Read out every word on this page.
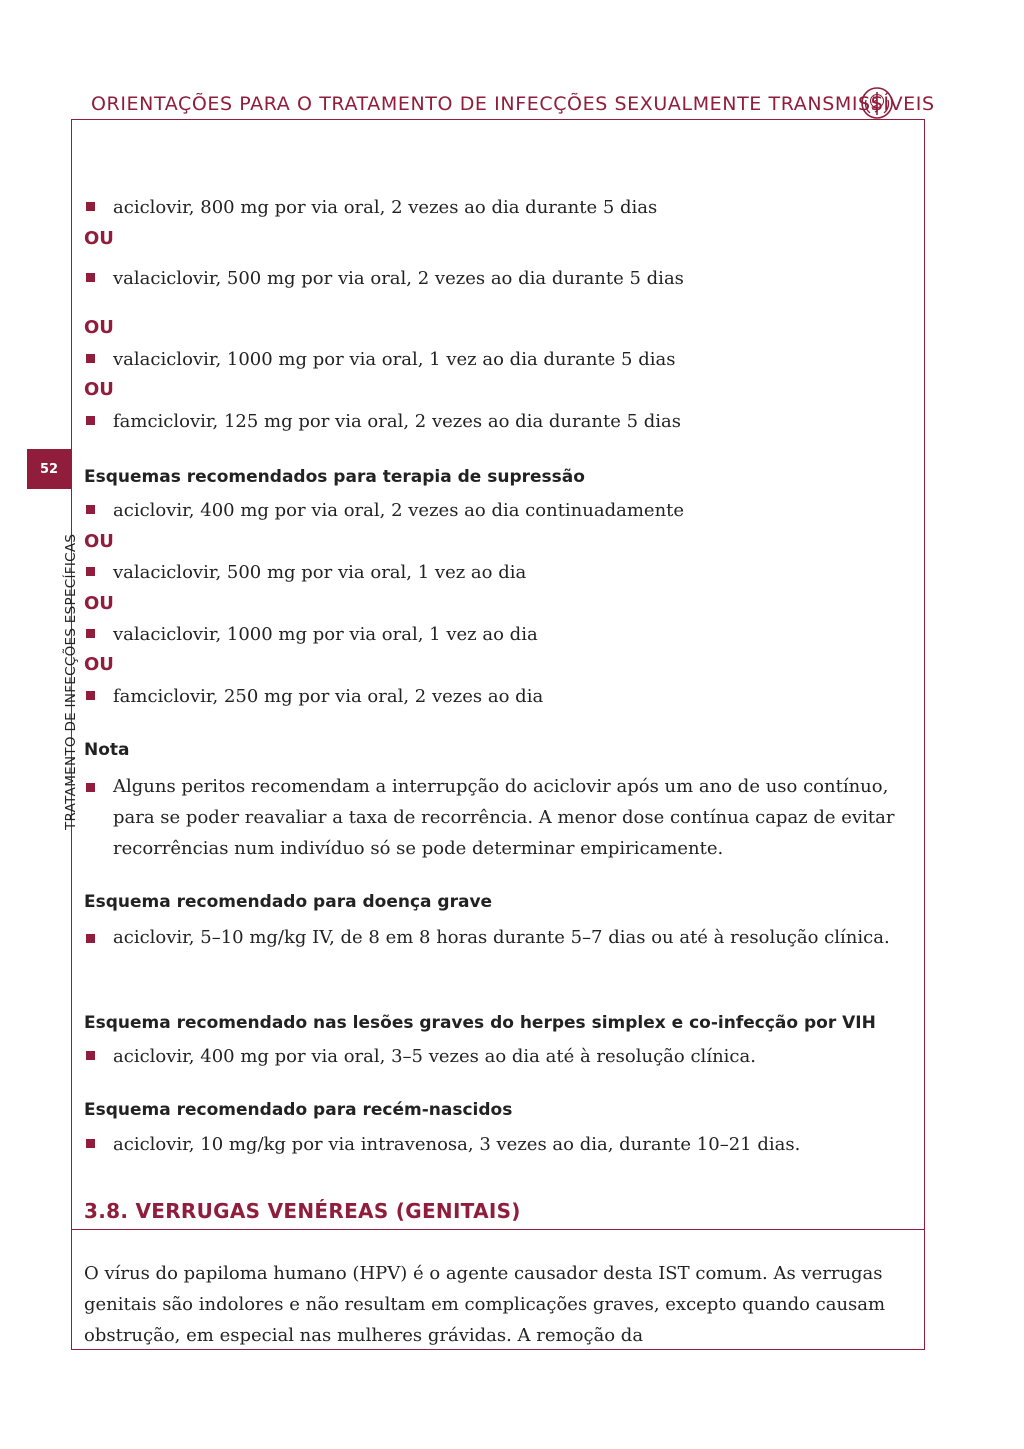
ORIENTAÇÕES PARA O TRATAMENTO DE INFECÇÕES SEXUALMENTE TRANSMISSÍVEIS
52
TRATAMENTO DE INFECÇÕES ESPECÍFICAS
aciclovir, 800 mg por via oral, 2 vezes ao dia durante 5 dias
OU
valaciclovir, 500 mg por via oral, 2 vezes ao dia durante 5 dias
OU
valaciclovir, 1000 mg por via oral, 1 vez ao dia durante 5 dias
OU
famciclovir, 125 mg por via oral, 2 vezes ao dia durante 5 dias
Esquemas recomendados para terapia de supressão
aciclovir, 400 mg por via oral, 2 vezes ao dia continuadamente
OU
valaciclovir, 500 mg por via oral, 1 vez ao dia
OU
valaciclovir, 1000 mg por via oral, 1 vez ao dia
OU
famciclovir, 250 mg por via oral, 2 vezes ao dia
Nota
Alguns peritos recomendam a interrupção do aciclovir após um ano de uso contínuo, para se poder reavaliar a taxa de recorrência. A menor dose contínua capaz de evitar recorrências num indivíduo só se pode determinar empiricamente.
Esquema recomendado para doença grave
aciclovir, 5–10 mg/kg IV, de 8 em 8 horas durante 5–7 dias ou até à resolução clínica.
Esquema recomendado nas lesões graves do herpes simplex e co-infecção por VIH
aciclovir, 400 mg por via oral, 3–5 vezes ao dia até à resolução clínica.
Esquema recomendado para recém-nascidos
aciclovir, 10 mg/kg por via intravenosa, 3 vezes ao dia, durante 10–21 dias.
3.8. VERRUGAS VENÉREAS (GENITAIS)
O vírus do papiloma humano (HPV) é o agente causador desta IST comum. As verrugas genitais são indolores e não resultam em complicações graves, excepto quando causam obstrução, em especial nas mulheres grávidas. A remoção da
